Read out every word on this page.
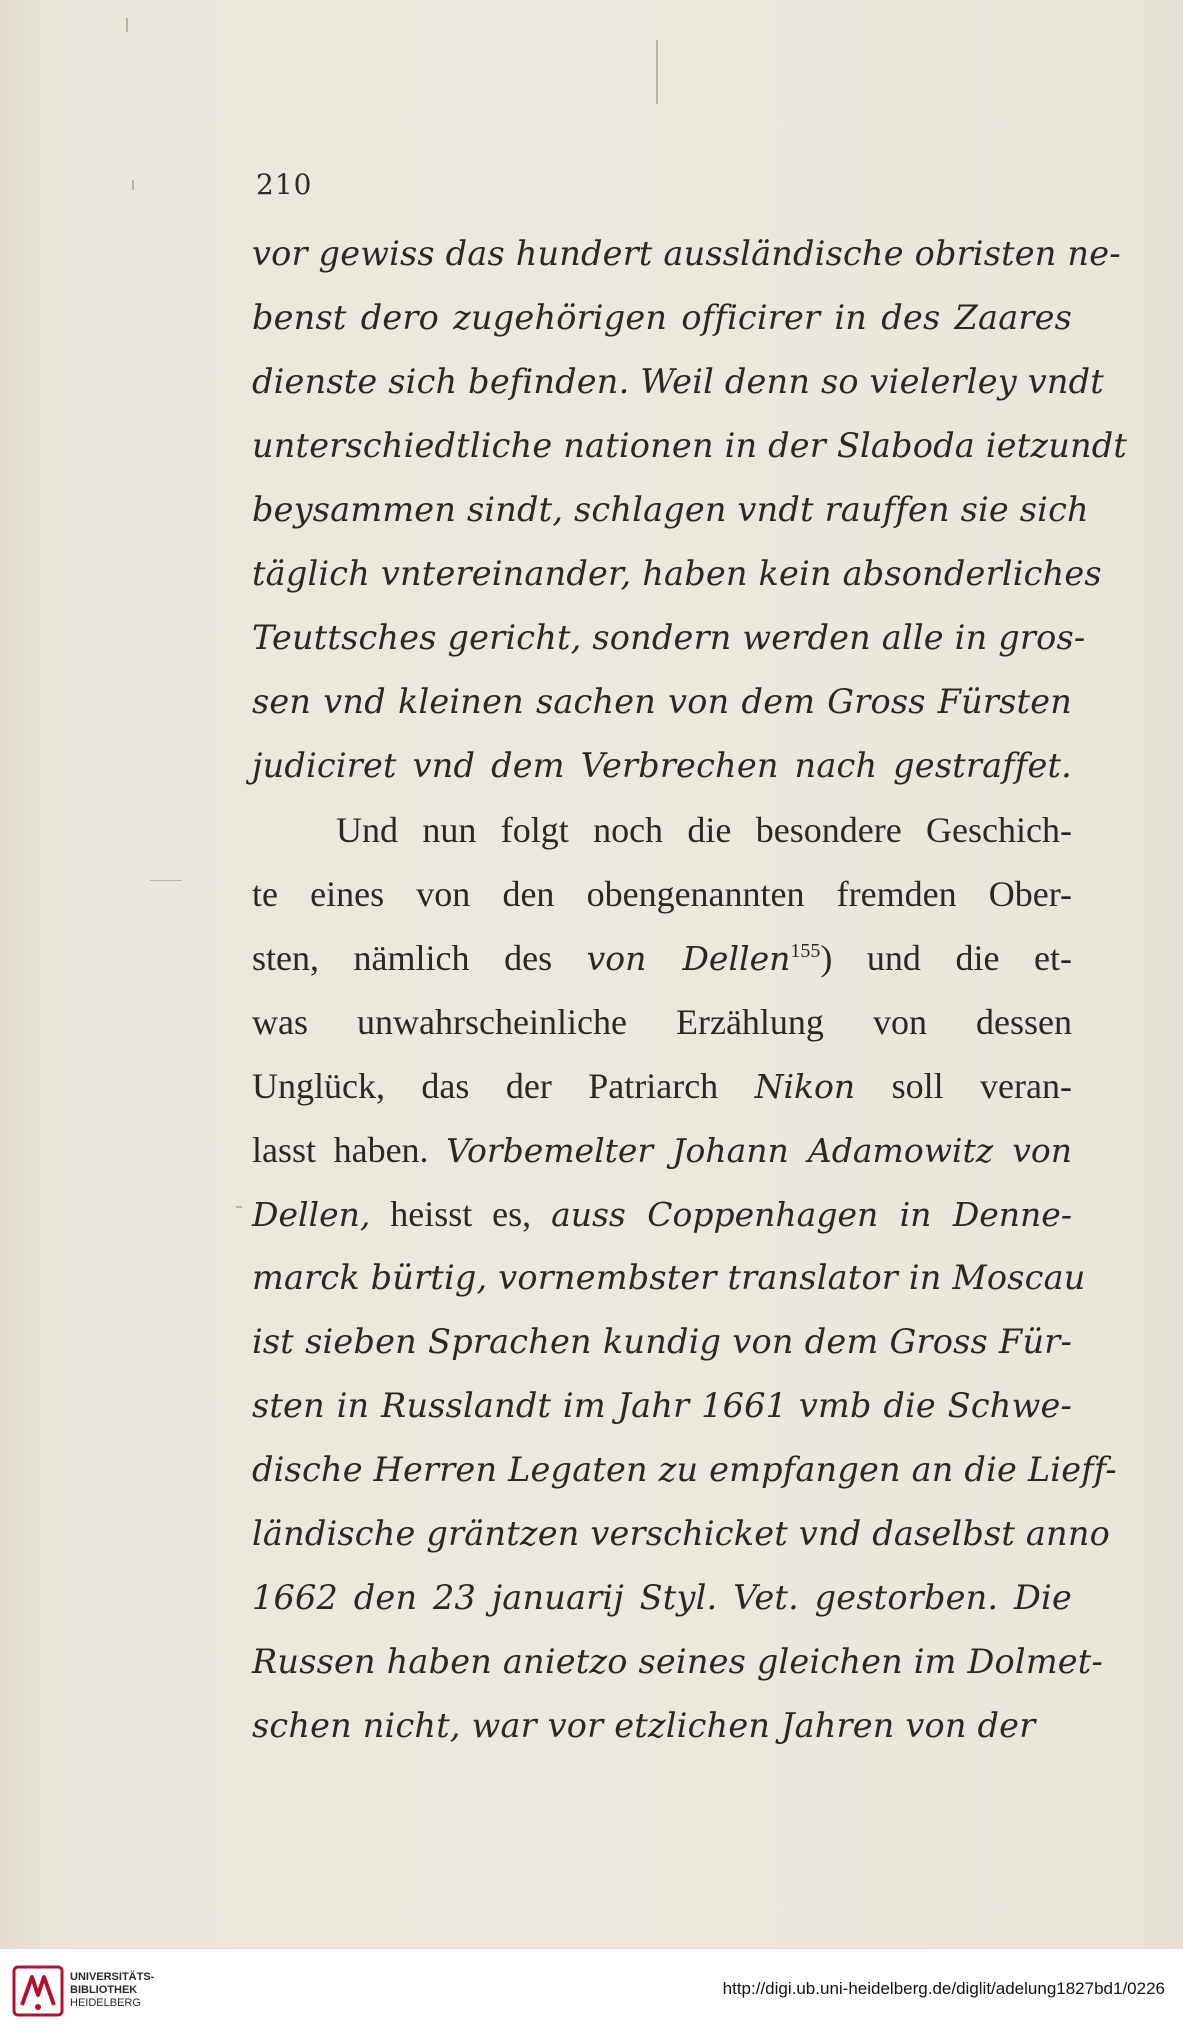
210
vor gewiss das hundert aussländische obristen ne-
benst dero zugehörigen officirer in des Zaares
dienste sich befinden. Weil denn so vielerley vndt
unterschiedtliche nationen in der Slaboda ietzundt
beysammen sindt, schlagen vndt rauffen sie sich
täglich vntereinander, haben kein absonderliches
Teuttsches gericht, sondern werden alle in gros-
sen vnd kleinen sachen von dem Gross Fürsten
judiciret vnd dem Verbrechen nach gestraffet.
Und nun folgt noch die besondere Geschich-
te eines von den obengenannten fremden Ober-
sten, nämlich des von Dellen$^{155}$) und die et-
was unwahrscheinliche Erzählung von dessen
Unglück, das der Patriarch Nikon soll veran-
lasst haben. Vorbemelter Johann Adamowitz von
Dellen, heisst es, auss Coppenhagen in Denne-
marck bürtig, vornembster translator in Moscau
ist sieben Sprachen kundig von dem Gross Für-
sten in Russlandt im Jahr 1661 vmb die Schwe-
dische Herren Legaten zu empfangen an die Lieff-
ländische gräntzen verschicket vnd daselbst anno
1662 den 23 januarij Styl. Vet. gestorben. Die
Russen haben anietzo seines gleichen im Dolmet-
schen nicht, war vor etzlichen Jahren von der
UNIVERSITÄTS-
BIBLIOTHEK
HEIDELBERG
http://digi.ub.uni-heidelberg.de/diglit/adelung1827bd1/0226
